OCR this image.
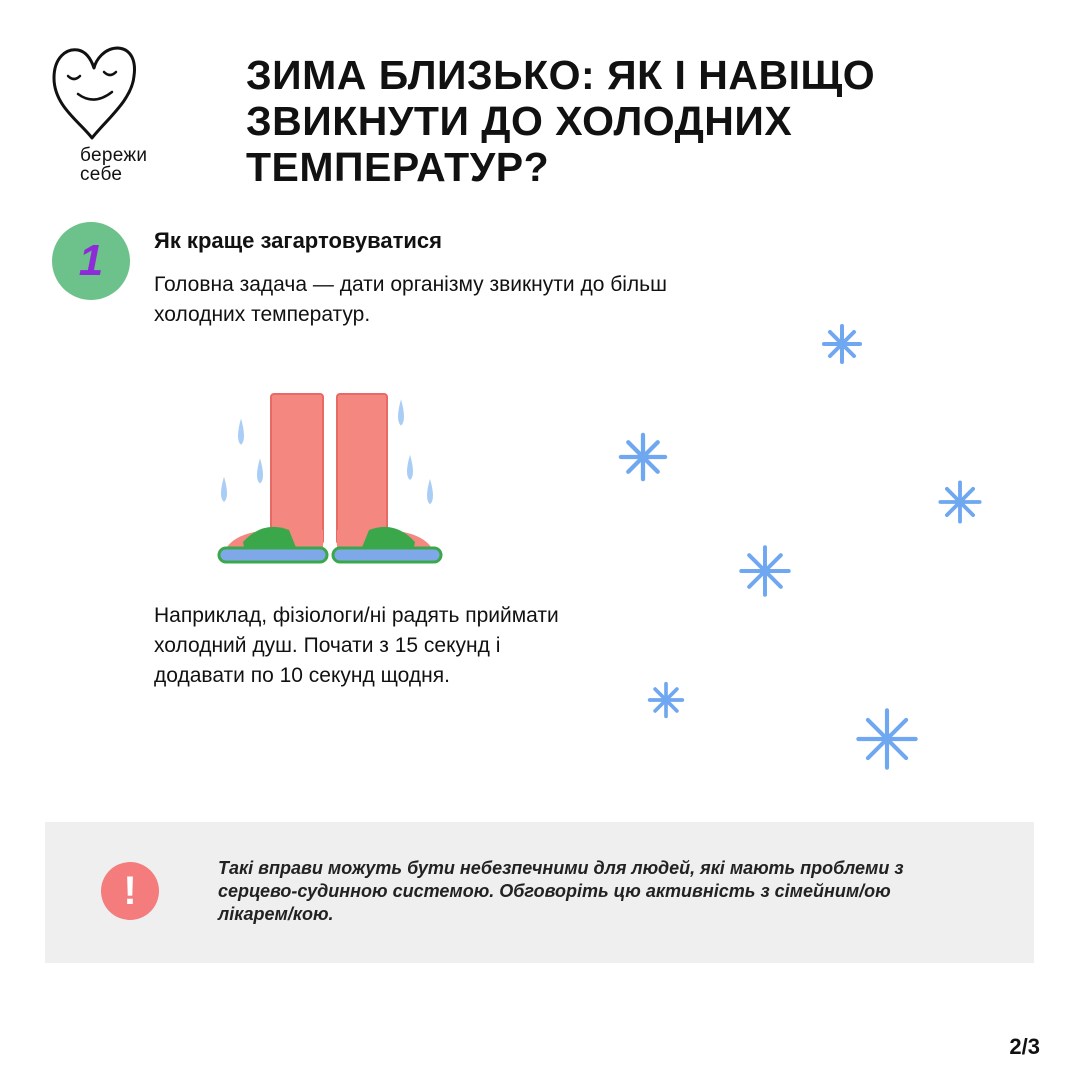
бережи
себе
ЗИМА БЛИЗЬКО: ЯК І НАВІЩО ЗВИКНУТИ ДО ХОЛОДНИХ ТЕМПЕРАТУР?
1	Як краще загартовуватися

Головна задача — дати організму звикнути до більш холодних температур.

Наприклад, фізіологи/ні радять приймати холодний душ. Почати з 15 секунд і додавати по 10 секунд щодня.

!

Такі вправи можуть бути небезпечними для людей, які мають проблеми з серцево-судинною системою. Обговоріть цю активність з сімейним/ою лікарем/кою.

2/3
